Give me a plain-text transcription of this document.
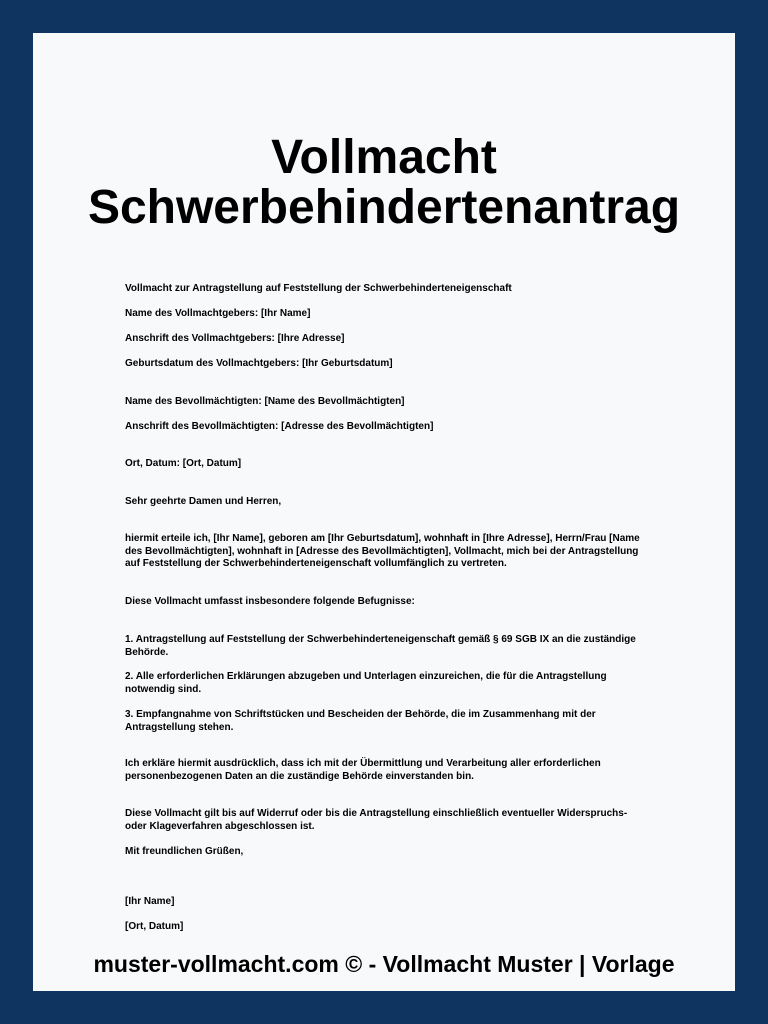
Vollmacht
Schwerbehindertenantrag

Vollmacht zur Antragstellung auf Feststellung der Schwerbehinderteneigenschaft

Name des Vollmachtgebers: [Ihr Name]

Anschrift des Vollmachtgebers: [Ihre Adresse]

Geburtsdatum des Vollmachtgebers: [Ihr Geburtsdatum]

Name des Bevollmächtigten: [Name des Bevollmächtigten]

Anschrift des Bevollmächtigten: [Adresse des Bevollmächtigten]

Ort, Datum: [Ort, Datum]

Sehr geehrte Damen und Herren,

hiermit erteile ich, [Ihr Name], geboren am [Ihr Geburtsdatum], wohnhaft in [Ihre Adresse], Herrn/Frau [Name des Bevollmächtigten], wohnhaft in [Adresse des Bevollmächtigten], Vollmacht, mich bei der Antragstellung auf Feststellung der Schwerbehinderteneigenschaft vollumfänglich zu vertreten.

Diese Vollmacht umfasst insbesondere folgende Befugnisse:

1. Antragstellung auf Feststellung der Schwerbehinderteneigenschaft gemäß § 69 SGB IX an die zuständige Behörde.

2. Alle erforderlichen Erklärungen abzugeben und Unterlagen einzureichen, die für die Antragstellung notwendig sind.

3. Empfangnahme von Schriftstücken und Bescheiden der Behörde, die im Zusammenhang mit der Antragstellung stehen.

Ich erkläre hiermit ausdrücklich, dass ich mit der Übermittlung und Verarbeitung aller erforderlichen personenbezogenen Daten an die zuständige Behörde einverstanden bin.

Diese Vollmacht gilt bis auf Widerruf oder bis die Antragstellung einschließlich eventueller Widerspruchs- oder Klageverfahren abgeschlossen ist.

Mit freundlichen Grüßen,

[Ihr Name]

[Ort, Datum]

muster-vollmacht.com © - Vollmacht Muster | Vorlage
